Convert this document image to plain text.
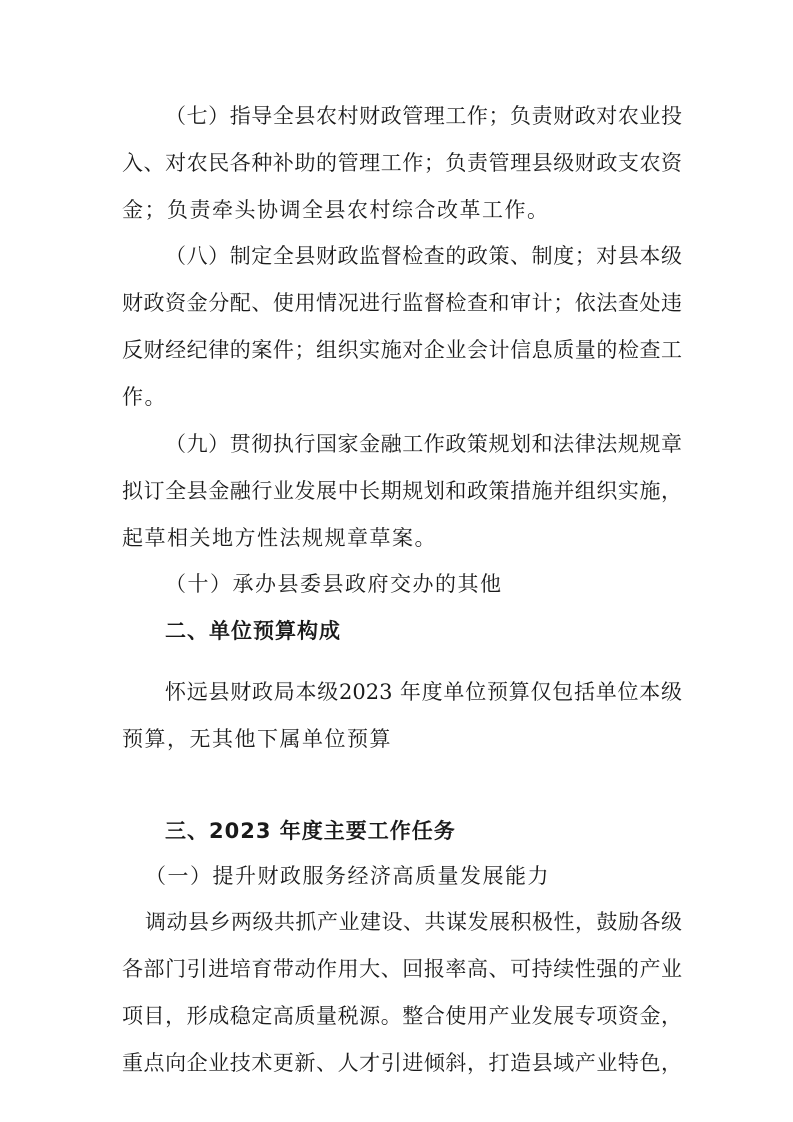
（七）指导全县农村财政管理工作；负责财政对农业投
入、对农民各种补助的管理工作；负责管理县级财政支农资
金；负责牵头协调全县农村综合改革工作。
（八）制定全县财政监督检查的政策、制度；对县本级
财政资金分配、使用情况进行监督检查和审计；依法查处违
反财经纪律的案件；组织实施对企业会计信息质量的检查工
作。
（九）贯彻执行国家金融工作政策规划和法律法规规章
拟订全县金融行业发展中长期规划和政策措施并组织实施，
起草相关地方性法规规章草案。
（十）承办县委县政府交办的其他
二、单位预算构成
怀远县财政局本级2023 年度单位预算仅包括单位本级
预算，无其他下属单位预算
三、2023 年度主要工作任务
（一）提升财政服务经济高质量发展能力
调动县乡两级共抓产业建设、共谋发展积极性，鼓励各级
各部门引进培育带动作用大、回报率高、可持续性强的产业
项目，形成稳定高质量税源。整合使用产业发展专项资金，
重点向企业技术更新、人才引进倾斜，打造县域产业特色，
